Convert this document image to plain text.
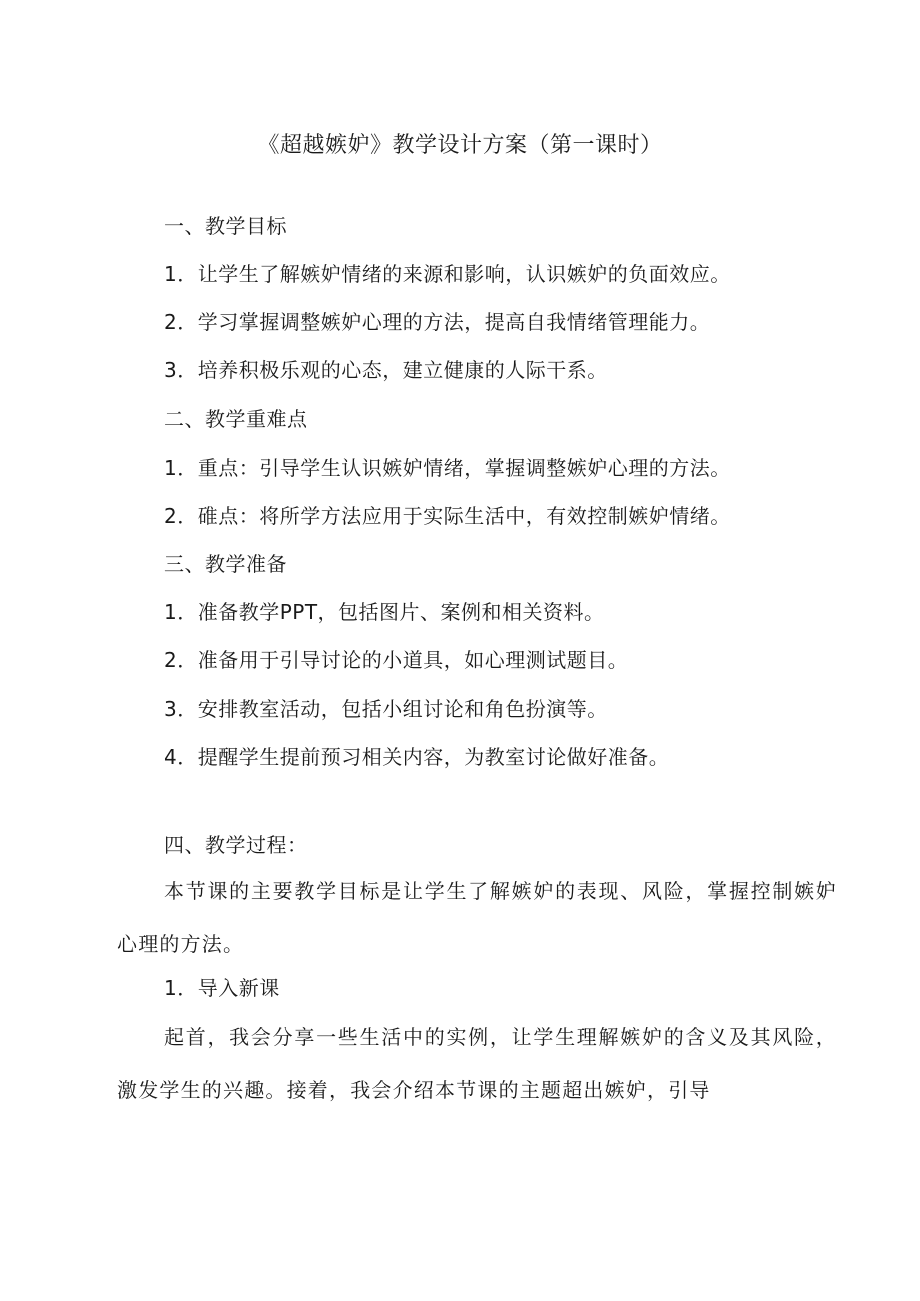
《超越嫉妒》教学设计方案（第一课时）
一、教学目标
1．让学生了解嫉妒情绪的来源和影响，认识嫉妒的负面效应。
2．学习掌握调整嫉妒心理的方法，提高自我情绪管理能力。
3．培养积极乐观的心态，建立健康的人际干系。
二、教学重难点
1．重点：引导学生认识嫉妒情绪，掌握调整嫉妒心理的方法。
2．碓点：将所学方法应用于实际生活中，有效控制嫉妒情绪。
三、教学准备
1．准备教学PPT，包括图片、案例和相关资料。
2．准备用于引导讨论的小道具，如心理测试题目。
3．安排教室活动，包括小组讨论和角色扮演等。
4．提醒学生提前预习相关内容，为教室讨论做好准备。
四、教学过程：
本节课的主要教学目标是让学生了解嫉妒的表现、风险，掌握控制嫉妒心理的方法。
1．导入新课
起首，我会分享一些生活中的实例，让学生理解嫉妒的含义及其风险，激发学生的兴趣。接着，我会介绍本节课的主题超出嫉妒，引导
